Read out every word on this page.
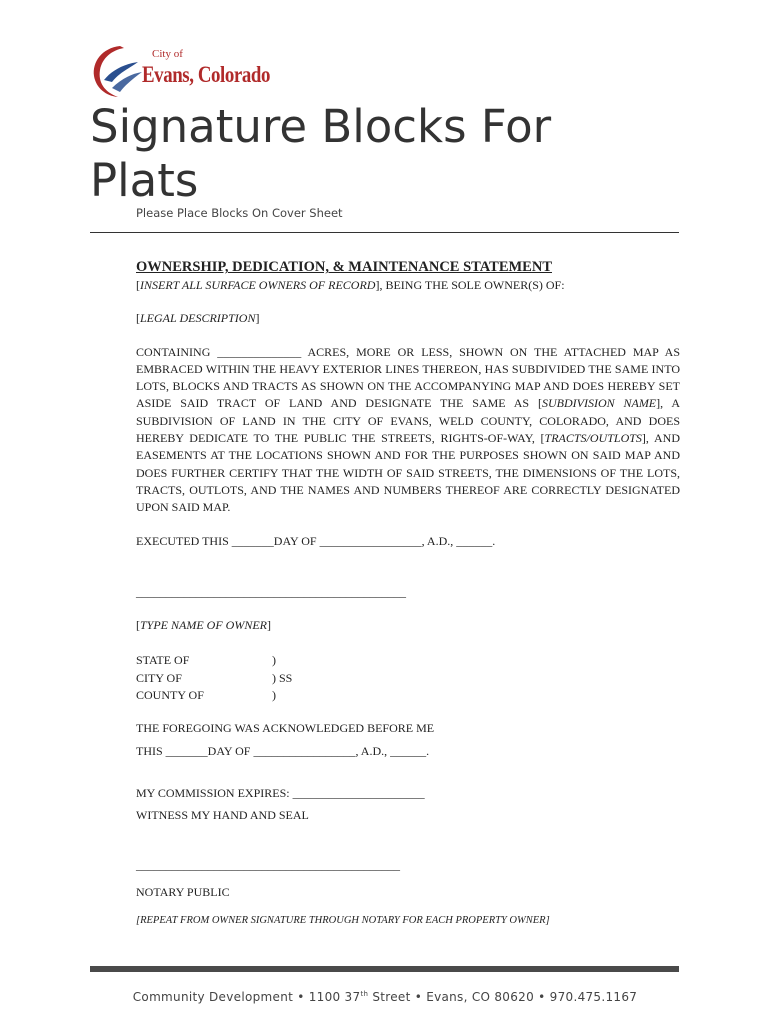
City of
Evans, Colorado
Signature Blocks For Plats

Please Place Blocks On Cover Sheet

OWNERSHIP, DEDICATION, & MAINTENANCE STATEMENT

[INSERT ALL SURFACE OWNERS OF RECORD], BEING THE SOLE OWNER(S) OF:

[LEGAL DESCRIPTION]

CONTAINING ______________ ACRES, MORE OR LESS, SHOWN ON THE ATTACHED MAP AS EMBRACED WITHIN THE HEAVY EXTERIOR LINES THEREON, HAS SUBDIVIDED THE SAME INTO LOTS, BLOCKS AND TRACTS AS SHOWN ON THE ACCOMPANYING MAP AND DOES HEREBY SET ASIDE SAID TRACT OF LAND AND DESIGNATE THE SAME AS [SUBDIVISION NAME], A SUBDIVISION OF LAND IN THE CITY OF EVANS, WELD COUNTY, COLORADO, AND DOES HEREBY DEDICATE TO THE PUBLIC THE STREETS, RIGHTS-OF-WAY, [TRACTS/OUTLOTS], AND EASEMENTS AT THE LOCATIONS SHOWN AND FOR THE PURPOSES SHOWN ON SAID MAP AND DOES FURTHER CERTIFY THAT THE WIDTH OF SAID STREETS, THE DIMENSIONS OF THE LOTS, TRACTS, OUTLOTS, AND THE NAMES AND NUMBERS THEREOF ARE CORRECTLY DESIGNATED UPON SAID MAP.

EXECUTED THIS _______DAY OF _________________, A.D., ______.

_____________________________________________

[TYPE NAME OF OWNER]

STATE OF	)
CITY OF	) SS
COUNTY OF	)

THE FOREGOING WAS ACKNOWLEDGED BEFORE ME

THIS _______DAY OF _________________, A.D., ______.

MY COMMISSION EXPIRES: ______________________

WITNESS MY HAND AND SEAL

____________________________________________

NOTARY PUBLIC

[REPEAT FROM OWNER SIGNATURE THROUGH NOTARY FOR EACH PROPERTY OWNER]

Community Development • 1100 37th Street • Evans, CO 80620 • 970.475.1167
